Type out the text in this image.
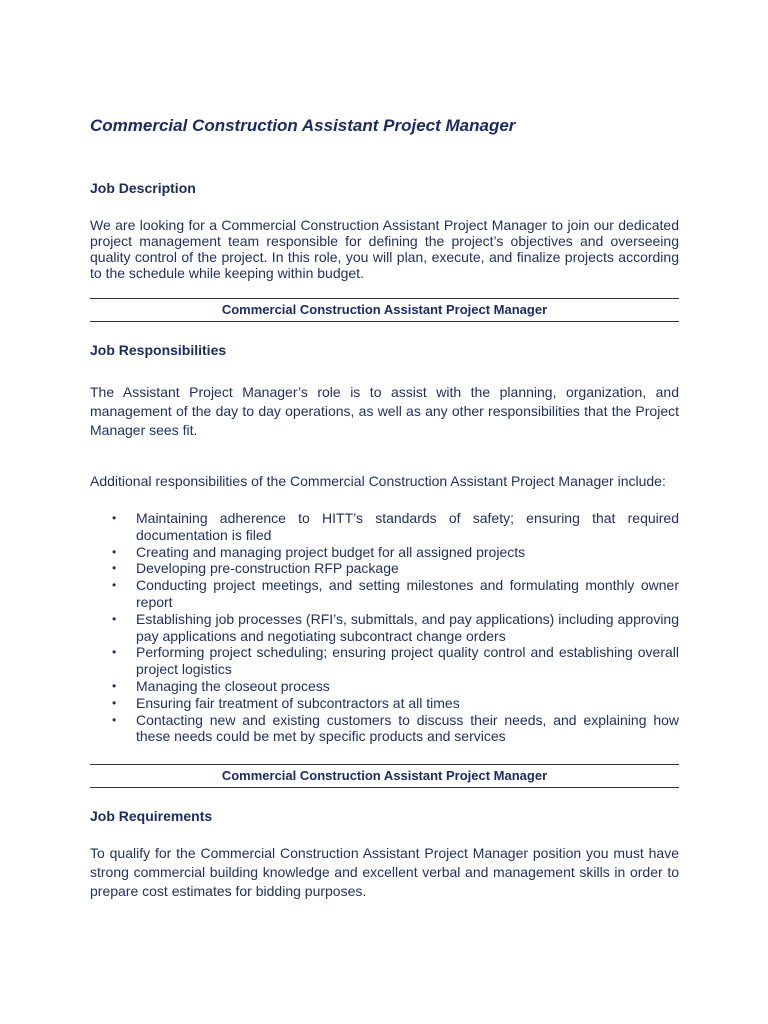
Commercial Construction Assistant Project Manager
Job Description

We are looking for a Commercial Construction Assistant Project Manager to join our dedicated project management team responsible for defining the project’s objectives and overseeing quality control of the project. In this role, you will plan, execute, and finalize projects according to the schedule while keeping within budget.

Commercial Construction Assistant Project Manager
Job Responsibilities

The Assistant Project Manager’s role is to assist with the planning, organization, and management of the day to day operations, as well as any other responsibilities that the Project Manager sees fit.

Additional responsibilities of the Commercial Construction Assistant Project Manager include:

• Maintaining adherence to HITT’s standards of safety; ensuring that required documentation is filed
• Creating and managing project budget for all assigned projects
• Developing pre-construction RFP package
• Conducting project meetings, and setting milestones and formulating monthly owner report
• Establishing job processes (RFI’s, submittals, and pay applications) including approving pay applications and negotiating subcontract change orders
• Performing project scheduling; ensuring project quality control and establishing overall project logistics
• Managing the closeout process
• Ensuring fair treatment of subcontractors at all times
• Contacting new and existing customers to discuss their needs, and explaining how these needs could be met by specific products and services
Commercial Construction Assistant Project Manager
Job Requirements

To qualify for the Commercial Construction Assistant Project Manager position you must have strong commercial building knowledge and excellent verbal and management skills in order to prepare cost estimates for bidding purposes.
